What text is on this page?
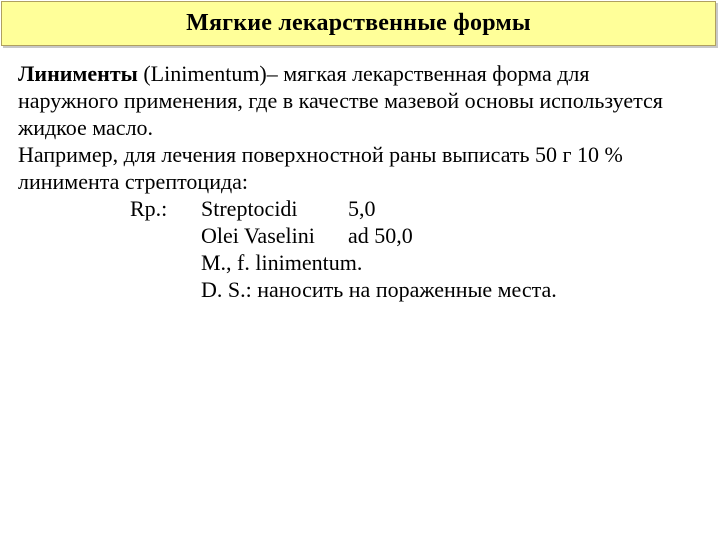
Мягкие лекарственные формы
Линименты (Linimentum)– мягкая лекарственная форма для
наружного применения, где в качестве мазевой основы используется
жидкое масло.
Например, для лечения поверхностной раны выписать 50 г 10 %
линимента стрептоцида:
Rp.: Streptocidi 5,0
Olei Vaselini ad 50,0
M., f. linimentum.
D. S.: наносить на пораженные места.
